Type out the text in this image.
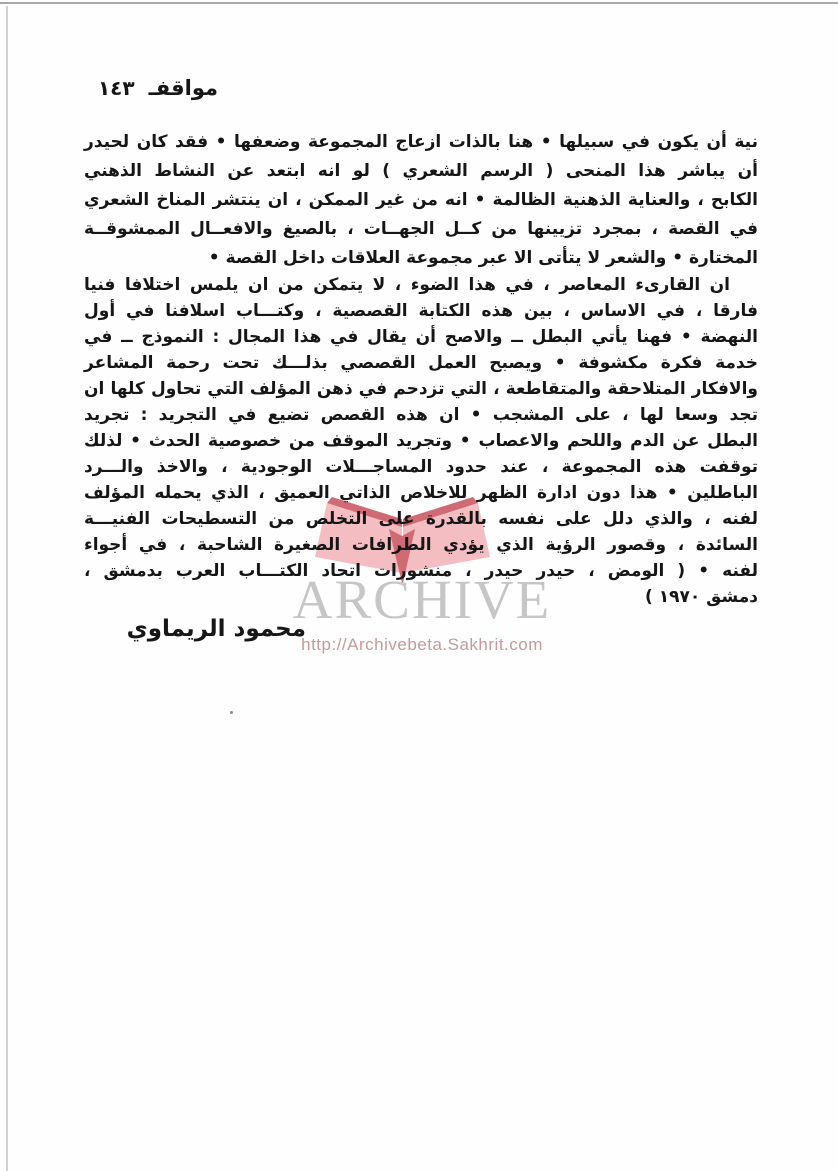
مواقفـ١٤٣
ARCHIVE
http://Archivebeta.Sakhrit.com
نية أن يكون في سبيلها • هنا بالذات ازعاج المجموعة وضعفها • فقد كان لحيدر
أن يباشر هذا المنحى ( الرسم الشعري ) لو انه ابتعد عن النشاط الذهني
الكابح ، والعناية الذهنية الظالمة • انه من غير الممكن ، ان ينتشر المناخ الشعري
في القصة ، بمجرد تزيينها من كــل الجهــات ، بالصيغ والافعــال الممشوقــة
المختارة • والشعر لا يتأتى الا عبر مجموعة العلاقات داخل القصة •
ان القارىء المعاصر ، في هذا الضوء ، لا يتمكن من ان يلمس اختلافا فنيا
فارقا ، في الاساس ، بين هذه الكتابة القصصية ، وكتـــاب اسلافنا في أول
النهضة • فهنا يأتي البطل ــ والاصح أن يقال في هذا المجال : النموذج ــ في
خدمة فكرة مكشوفة • ويصبح العمل القصصي بذلـــك تحت رحمة المشاعر
والافكار المتلاحقة والمتقاطعة ، التي تزدحم في ذهن المؤلف التي تحاول كلها ان
تجد وسعا لها ، على المشجب • ان هذه القصص تضيع في التجريد : تجريد
البطل عن الدم واللحم والاعصاب • وتجريد الموقف من خصوصية الحدث • لذلك
توقفت هذه المجموعة ، عند حدود المساجـــلات الوجودية ، والاخذ والـــرد
الباطلين • هذا دون ادارة الظهر للاخلاص الذاتي العميق ، الذي يحمله المؤلف
لفنه ، والذي دلل على نفسه بالقدرة على التخلص من التسطيحات الفنيـــة
السائدة ، وقصور الرؤية الذي يؤدي الطرافات الصغيرة الشاحبة ، في أجواء
لفنه • ( الومض ، حيدر حيدر ، منشورات اتحاد الكتـــاب العرب بدمشق ،
دمشق ١٩٧٠ )
محمود الريماوي
